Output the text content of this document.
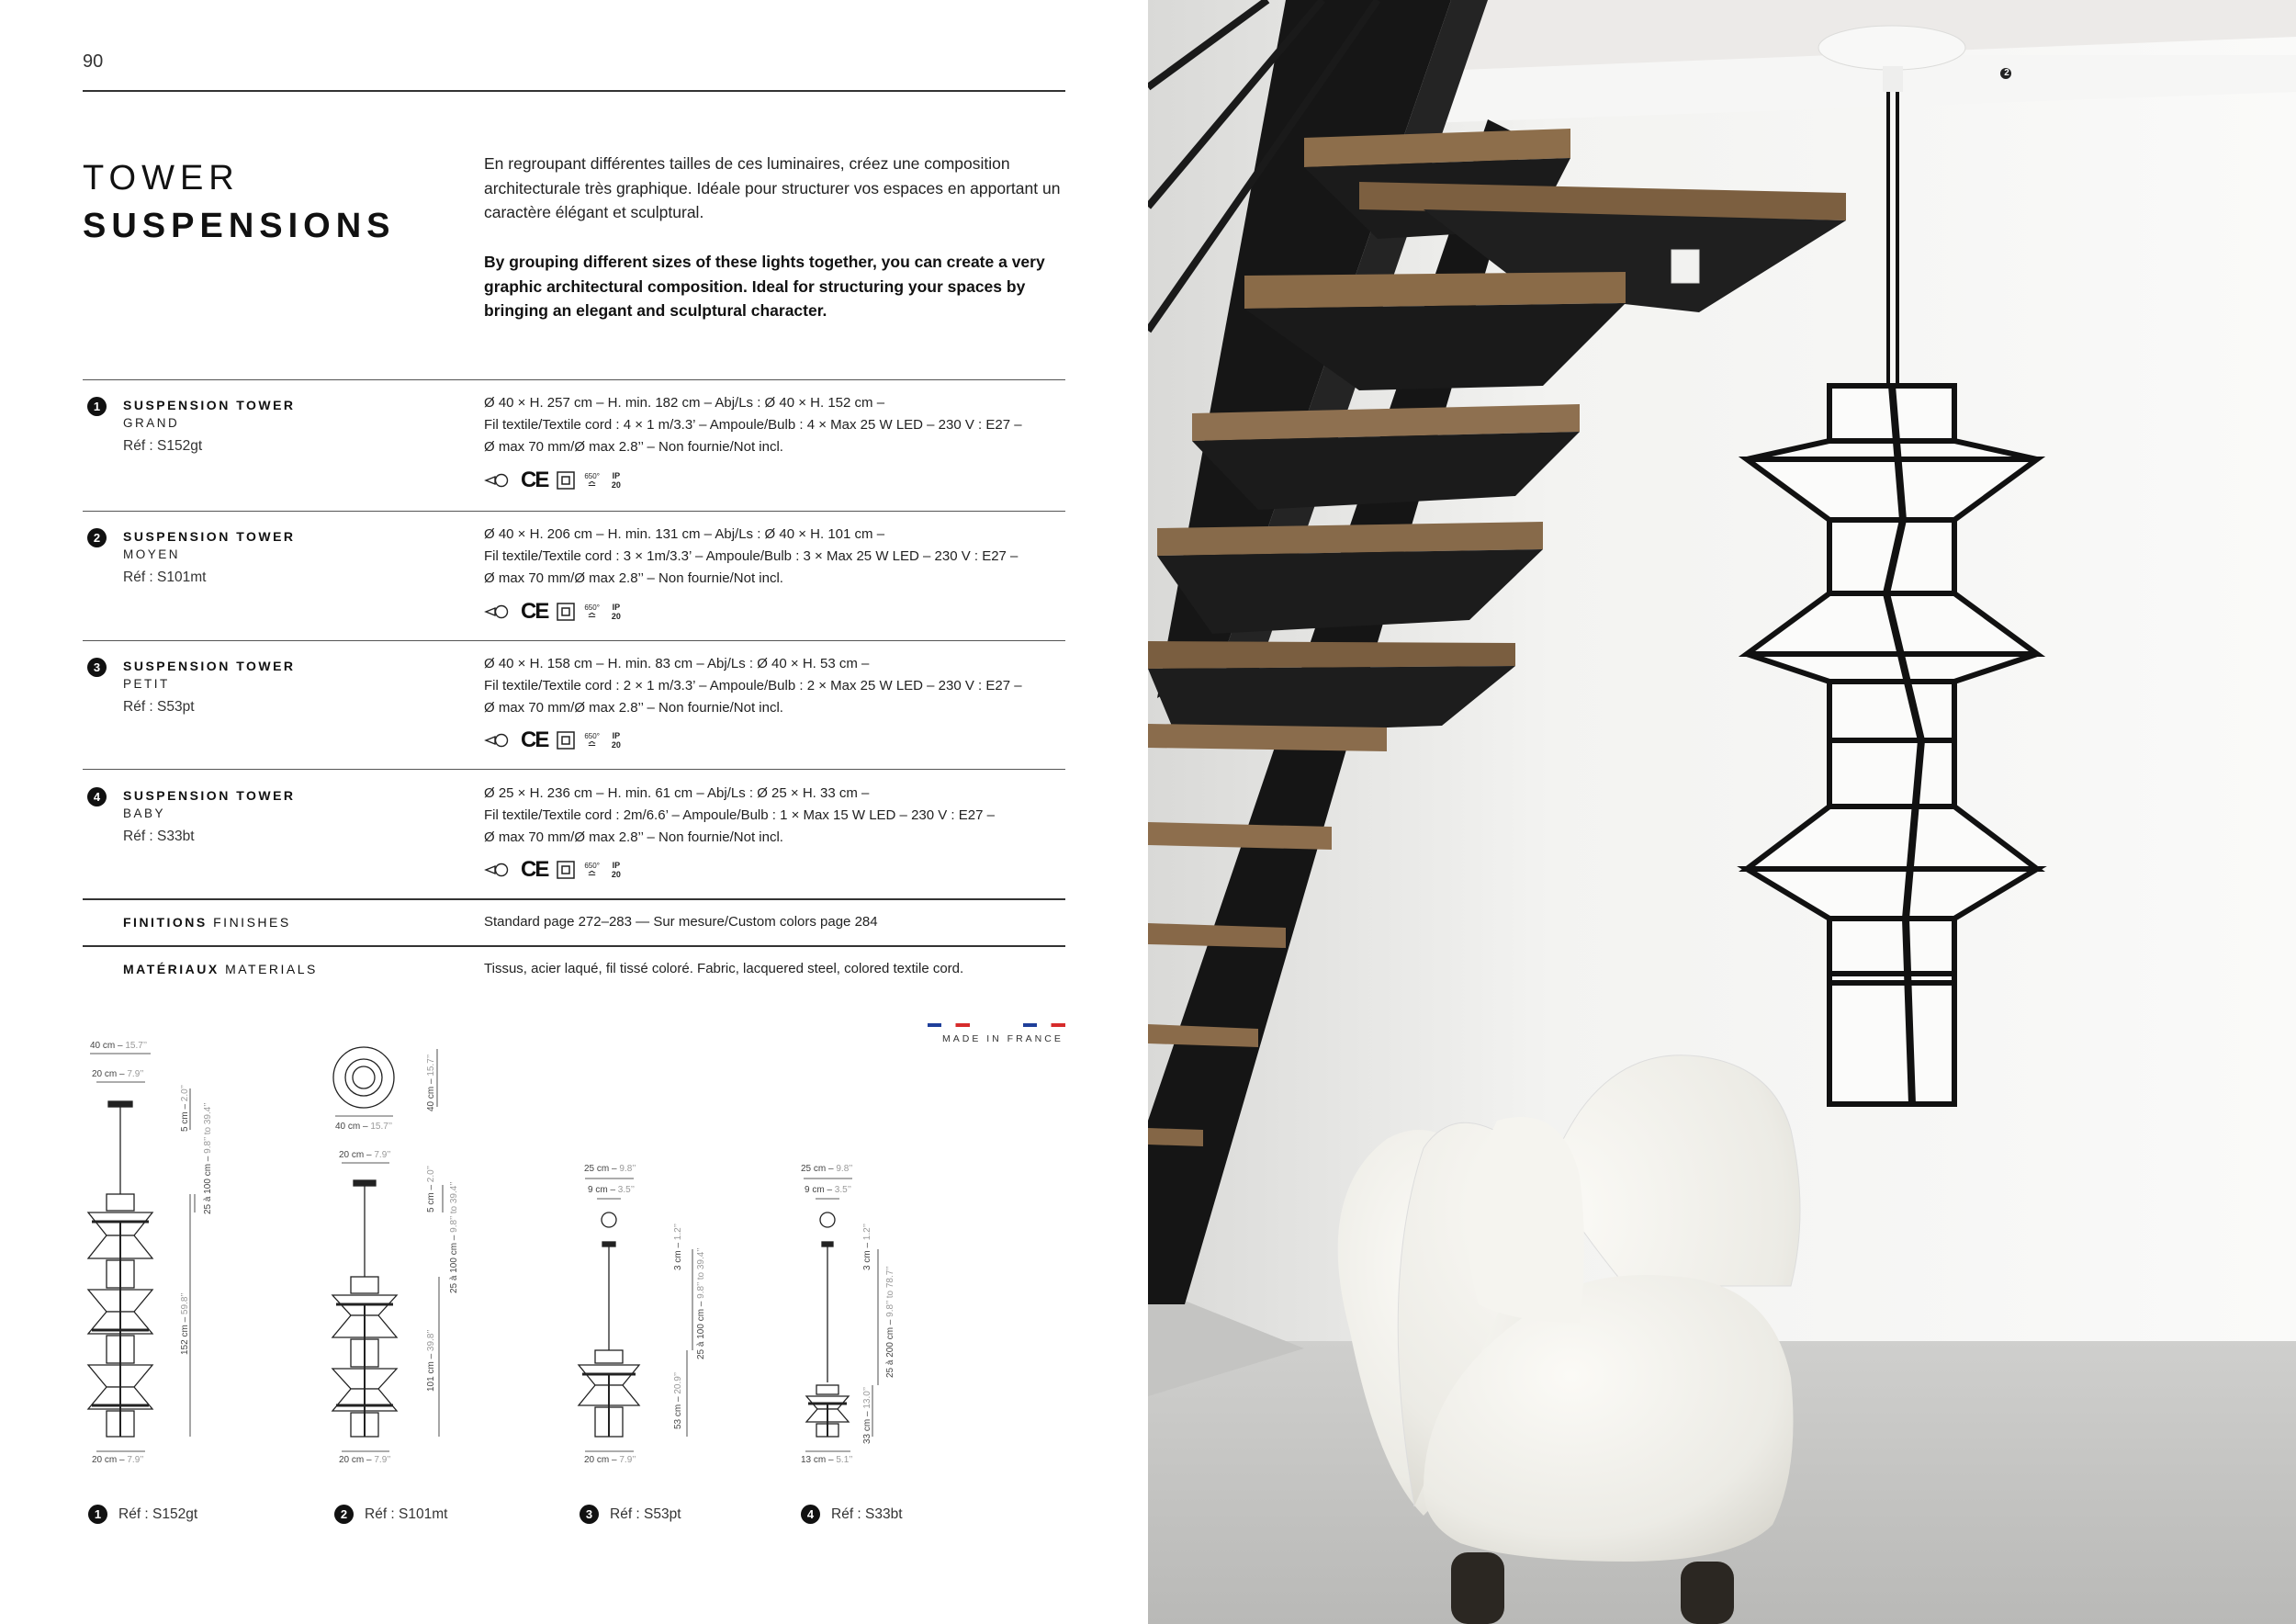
90
TOWER
SUSPENSIONS
En regroupant différentes tailles de ces luminaires, créez une composition architecturale très graphique. Idéale pour structurer vos espaces en apportant un caractère élégant et sculptural.
By grouping different sizes of these lights together, you can create a very graphic architectural composition. Ideal for structuring your spaces by bringing an elegant and sculptural character.
1	SUSPENSION TOWER
GRAND
Réf : S152gt
Ø 40 × H. 257 cm – H. min. 182 cm – Abj/Ls : Ø 40 × H. 152 cm –
Fil textile/Textile cord : 4 × 1 m/3.3’ – Ampoule/Bulb : 4 × Max 25 W LED – 230 V : E27 –
Ø max 70 mm/Ø max 2.8’’ – Non fournie/Not incl.
CE	650°
≏
IP 20
2	SUSPENSION TOWER
MOYEN
Réf : S101mt
Ø 40 × H. 206 cm – H. min. 131 cm – Abj/Ls : Ø 40 × H. 101 cm –
Fil textile/Textile cord : 3 × 1m/3.3’ – Ampoule/Bulb : 3 × Max 25 W LED – 230 V : E27 –
Ø max 70 mm/Ø max 2.8’’ – Non fournie/Not incl.
CE	650°
≏
IP 20
3	SUSPENSION TOWER
PETIT
Réf : S53pt
Ø 40 × H. 158 cm – H. min. 83 cm – Abj/Ls : Ø 40 × H. 53 cm –
Fil textile/Textile cord : 2 × 1 m/3.3’ – Ampoule/Bulb : 2 × Max 25 W LED – 230 V : E27 –
Ø max 70 mm/Ø max 2.8’’ – Non fournie/Not incl.
CE	650°
≏
IP 20
4	SUSPENSION TOWER
BABY
Réf : S33bt
Ø 25 × H. 236 cm – H. min. 61 cm – Abj/Ls : Ø 25 × H. 33 cm –
Fil textile/Textile cord : 2m/6.6’ – Ampoule/Bulb : 1 × Max 15 W LED – 230 V : E27 –
Ø max 70 mm/Ø max 2.8’’ – Non fournie/Not incl.
CE	650°
≏
IP 20
FINITIONS FINISHES	Standard page 272–283 — Sur mesure/Custom colors page 284
MATÉRIAUX MATERIALS	Tissus, acier laqué, fil tissé coloré. Fabric, lacquered steel, colored textile cord.
MADE IN FRANCE
40 cm – 15.7’’
20 cm – 7.9’’
5 cm – 2.0’’
25 à 100 cm – 9.8’’ to 39.4’’
152 cm – 59.8’’
20 cm – 7.9’’
40 cm – 15.7’’
40 cm – 15.7’’
20 cm – 7.9’’
5 cm – 2.0’’
25 à 100 cm – 9.8’’ to 39.4’’
101 cm – 39.8’’
20 cm – 7.9’’
25 cm – 9.8’’
9 cm – 3.5’’
3 cm – 1.2’’
25 à 100 cm – 9.8’’ to 39.4’’
53 cm – 20.9’’
20 cm – 7.9’’
25 cm – 9.8’’
9 cm – 3.5’’
3 cm – 1.2’’
25 à 200 cm – 9.8’’ to 78.7’’
33 cm – 13.0’’
13 cm – 5.1’’
1	Réf : S152gt	2	Réf : S101mt	3	Réf : S53pt	4	Réf : S33bt
2
